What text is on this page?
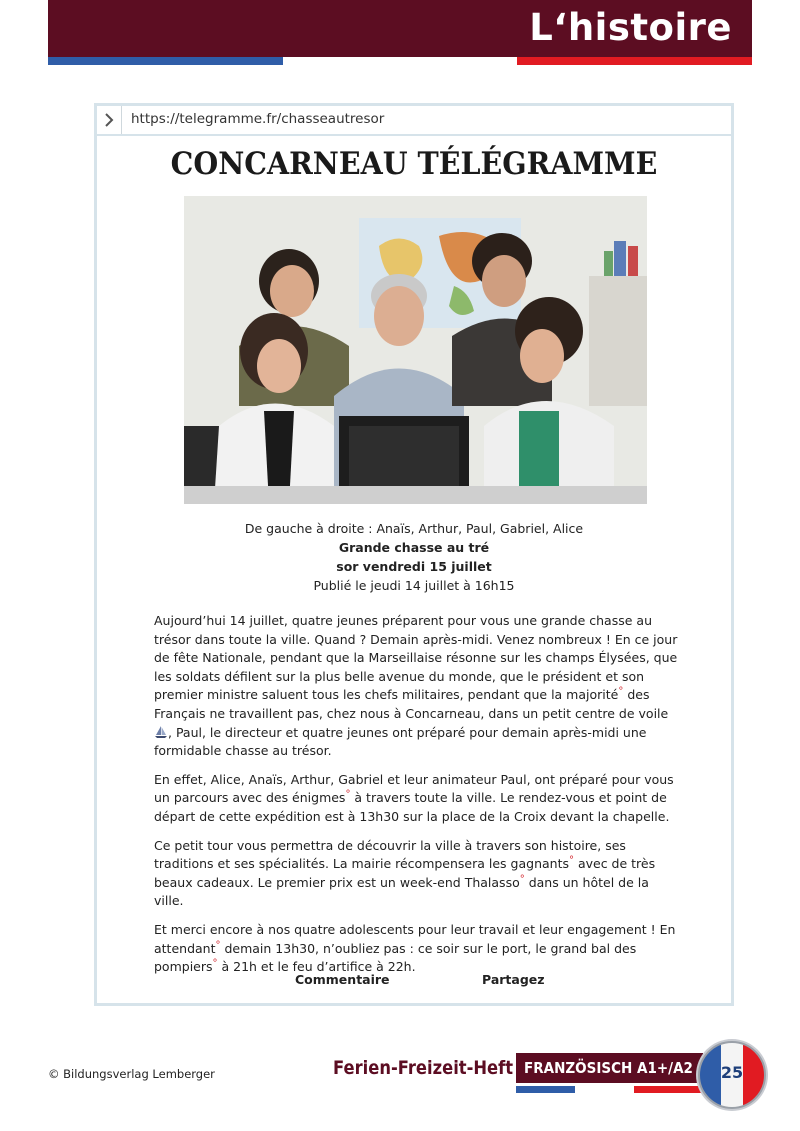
L‘histoire
https://telegramme.fr/chasseautresor
CONCARNEAU TÉLÉGRAMME
De gauche à droite : Anaïs, Arthur, Paul, Gabriel, Alice
Grande chasse au tré
sor vendredi 15 juillet
Publié le jeudi 14 juillet à 16h15

Aujourd’hui 14 juillet, quatre jeunes préparent pour vous une grande chasse au trésor dans toute la ville. Quand ? Demain après-midi. Venez nombreux ! En ce jour de fête Nationale, pendant que la Marseillaise résonne sur les champs Élysées, que les soldats défilent sur la plus belle avenue du monde, que le président et son premier ministre saluent tous les chefs militaires, pendant que la majorité° des Français ne travaillent pas, chez nous à Concarneau, dans un petit centre de voile , Paul, le directeur et quatre jeunes ont préparé pour demain après-midi une formidable chasse au trésor.

En effet, Alice, Anaïs, Arthur, Gabriel et leur animateur Paul, ont préparé pour vous un parcours avec des énigmes° à travers toute la ville. Le rendez-vous et point de départ de cette expédition est à 13h30 sur la place de la Croix devant la chapelle.

Ce petit tour vous permettra de découvrir la ville à travers son histoire, ses traditions et ses spécialités. La mairie récompensera les gagnants° avec de très beaux cadeaux. Le premier prix est un week-end Thalasso° dans un hôtel de la ville.

Et merci encore à nos quatre adolescents pour leur travail et leur engagement ! En attendant° demain 13h30, n’oubliez pas : ce soir sur le port, le grand bal des pompiers° à 21h et le feu d’artifice à 22h.

Commentaire	Partagez
© Bildungsverlag Lemberger	Ferien-Freizeit-Heft FRANZÖSISCH A1+/A2	25
